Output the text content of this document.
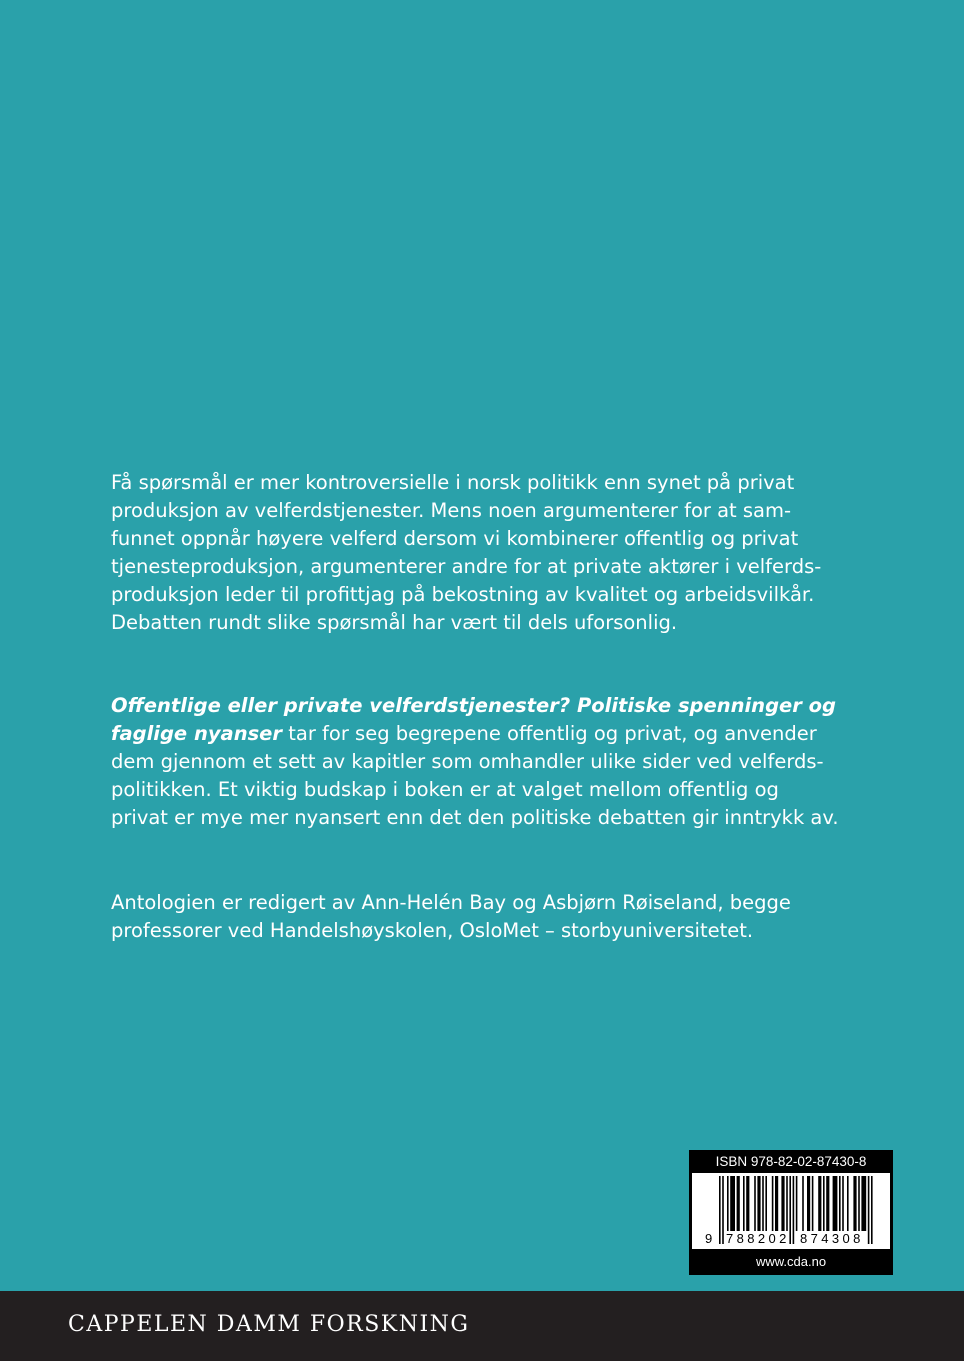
Få spørsmål er mer kontroversielle i norsk politikk enn synet på privat
produksjon av velferdstjenester. Mens noen argumenterer for at sam-
funnet oppnår høyere velferd dersom vi kombinerer offentlig og privat
tjenesteproduksjon, argumenterer andre for at private aktører i velferds-
produksjon leder til profittjag på bekostning av kvalitet og arbeidsvilkår.
Debatten rundt slike spørsmål har vært til dels uforsonlig.
Offentlige eller private velferdstjenester? Politiske spenninger og
faglige nyanser tar for seg begrepene offentlig og privat, og anvender
dem gjennom et sett av kapitler som omhandler ulike sider ved velferds-
politikken. Et viktig budskap i boken er at valget mellom offentlig og
privat er mye mer nyansert enn det den politiske debatten gir inntrykk av.
Antologien er redigert av Ann-Helén Bay og Asbjørn Røiseland, begge
professorer ved Handelshøyskolen, OsloMet – storbyuniversitetet.
ISBN 978-82-02-87430-8
9 788202 874308
www.cda.no
CAPPELEN DAMM FORSKNING
